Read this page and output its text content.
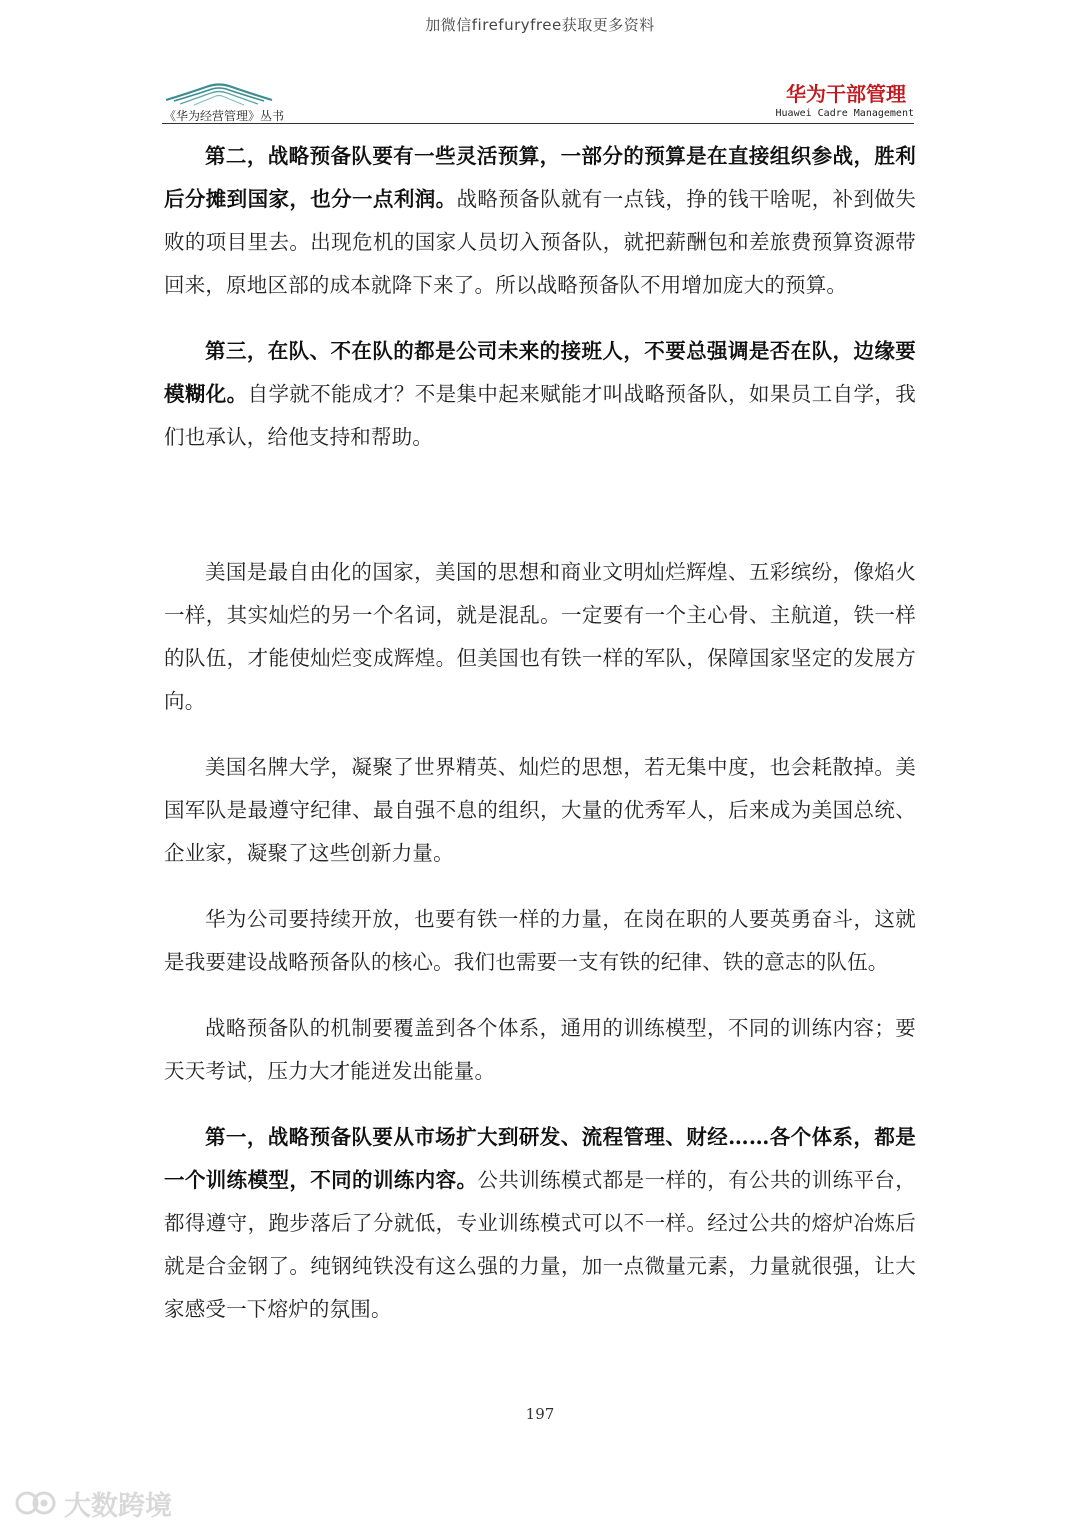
加微信firefuryfree获取更多资料
《华为经营管理》丛书
华为干部管理
Huawei Cadre Management

第二，战略预备队要有一些灵活预算，一部分的预算是在直接组织参战，胜利后分摊到国家，也分一点利润。战略预备队就有一点钱，挣的钱干啥呢，补到做失败的项目里去。出现危机的国家人员切入预备队，就把薪酬包和差旅费预算资源带回来，原地区部的成本就降下来了。所以战略预备队不用增加庞大的预算。

第三，在队、不在队的都是公司未来的接班人，不要总强调是否在队，边缘要模糊化。自学就不能成才？不是集中起来赋能才叫战略预备队，如果员工自学，我们也承认，给他支持和帮助。

美国是最自由化的国家，美国的思想和商业文明灿烂辉煌、五彩缤纷，像焰火一样，其实灿烂的另一个名词，就是混乱。一定要有一个主心骨、主航道，铁一样的队伍，才能使灿烂变成辉煌。但美国也有铁一样的军队，保障国家坚定的发展方向。

美国名牌大学，凝聚了世界精英、灿烂的思想，若无集中度，也会耗散掉。美国军队是最遵守纪律、最自强不息的组织，大量的优秀军人，后来成为美国总统、企业家，凝聚了这些创新力量。

华为公司要持续开放，也要有铁一样的力量，在岗在职的人要英勇奋斗，这就是我要建设战略预备队的核心。我们也需要一支有铁的纪律、铁的意志的队伍。

战略预备队的机制要覆盖到各个体系，通用的训练模型，不同的训练内容；要天天考试，压力大才能迸发出能量。

第一，战略预备队要从市场扩大到研发、流程管理、财经……各个体系，都是一个训练模型，不同的训练内容。公共训练模式都是一样的，有公共的训练平台，都得遵守，跑步落后了分就低，专业训练模式可以不一样。经过公共的熔炉冶炼后就是合金钢了。纯钢纯铁没有这么强的力量，加一点微量元素，力量就很强，让大家感受一下熔炉的氛围。

197
大数跨境
